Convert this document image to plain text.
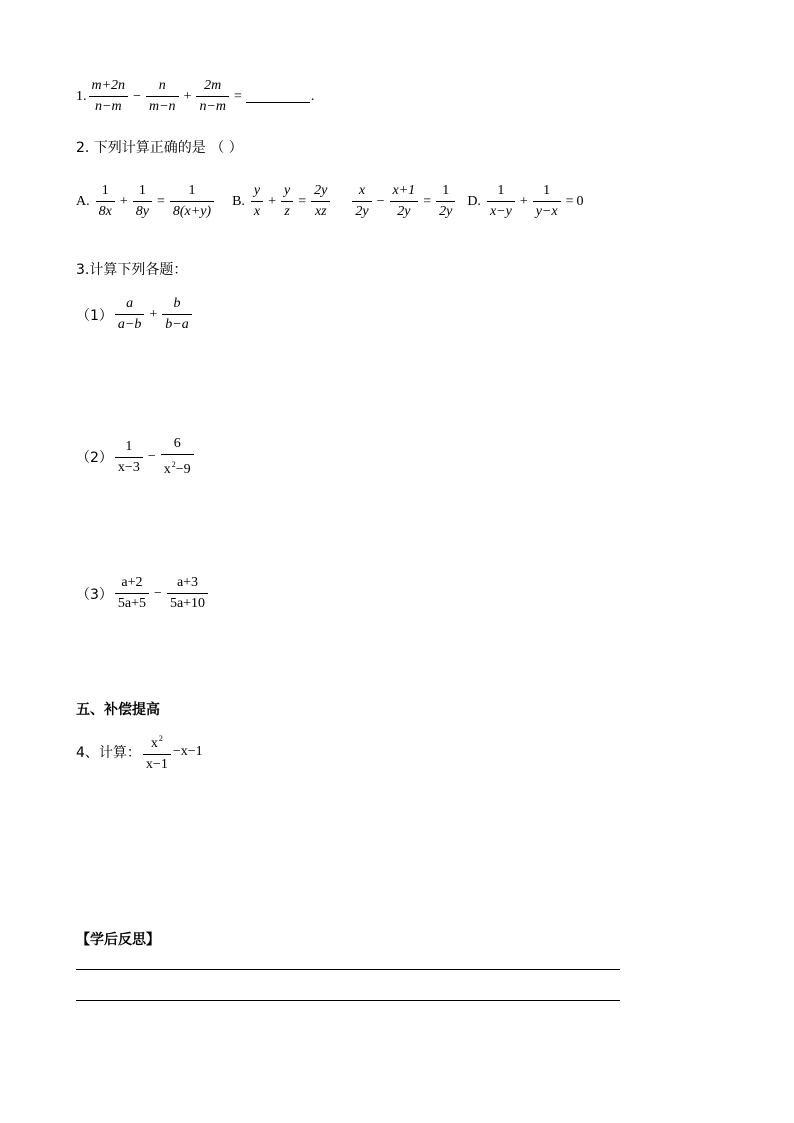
1. $\frac{m+2n}{n-m} - \frac{n}{m-n} + \frac{2m}{n-m}$ =	.
2. 下列计算正确的是 （ ）
A. $\frac{1}{8x} + \frac{1}{8y} = \frac{1}{8(x+y)} B$. $\frac{y}{x} + \frac{y}{z} = \frac{2y}{xz} \frac{x}{2y} - \frac{x+1}{2y} = \frac{1}{2y} D$. $\frac{1}{x-y} + \frac{1}{y-x} = 0$
3.计算下列各题：
$(1) \frac{a}{a-b} + \frac{b}{b-a}$
$(2) \frac{1}{x-3} - \frac{6}{x^2-9}$
$(3) \frac{a+2}{5a+5} - \frac{a+3}{5a+10}$
五、补偿提高
4、计算： $\frac{x^2}{x-1} -x-1$
【学后反思】
